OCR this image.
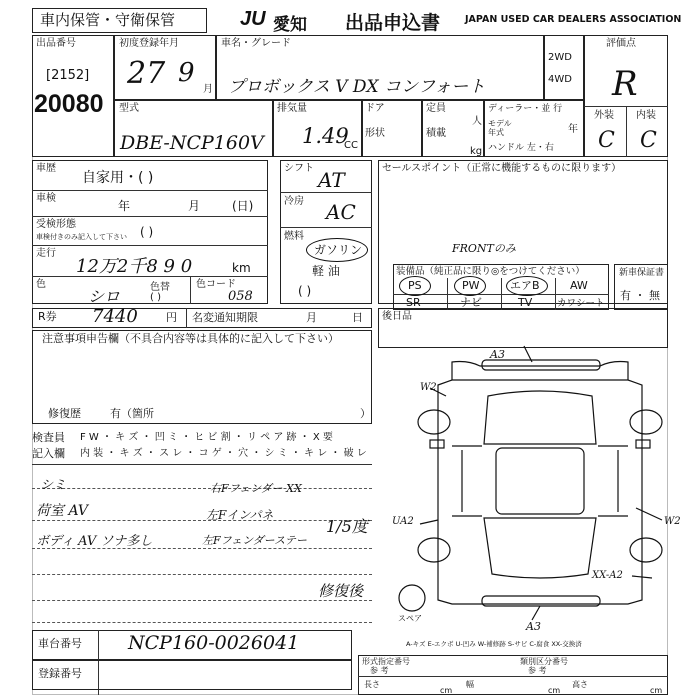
車内保管・守衛保管	JU 愛知 出品申込書	JAPAN USED CAR DEALERS ASSOCIATION
出品番号
[2152]
20080
初度登録年月
27 9
月
車名・グレード
プロボックス V DX コンフォート
2WD
4WD
評価点
R
外装 内装
C C
型式
DBE-NCP160V
排気量
1.49
CC
ドア
形状
定員
人
積載
kg
ディーラー・並 行
モデル
年式	年
ハンドル 左・右
車歴
自家用・( )
車検
年	月	(日)
受検形態
車検付きのみ記入して下さい ( )
走行
12万2千8 9 0	km
色
シロ	色替
( )
色コード
058
シフト AT
冷房 AC
燃料
ガソリン
軽 油
( )
セールスポイント（正常に機能するものに限ります）
FRONTのみ
装備品（純正品に限り◎をつけてください）
PS	PW	エアB	AW
SR	ナビ	TV	カワシート
新車保証書
有 ・ 無
R券 7440	円 名変通知期限	月	日 後日品
注意事項申告欄（不具合内容等は具体的に記入して下さい）
修復歴	有（箇所	）
検査員
記入欄
F W ・ キ ズ ・ 凹 ミ ・ ヒ ビ 割 ・ リ ペ ア 跡 ・ X 要
内 装 ・ キ ズ ・ ス レ ・ コ ゲ ・ 穴 ・ シ ミ ・ キ レ ・ 破 レ
シミ
荷室 AV
ボディ AV ソナ多し
右Fフェンダー XX
左Fインパネ
左Fフェンダーステー
1/5度
修復後
A3
W2
UA2	W2
XX-A2
A3
スペア
A-キズ E-エクボ U-凹み W-補修跡 S-サビ C-腐食 XX-交換済
車台番号 NCP160-0026041
登録番号
形式指定番号
参 考
類別区分番号
参 考
長さ
cm
幅
cm
高さ
cm
